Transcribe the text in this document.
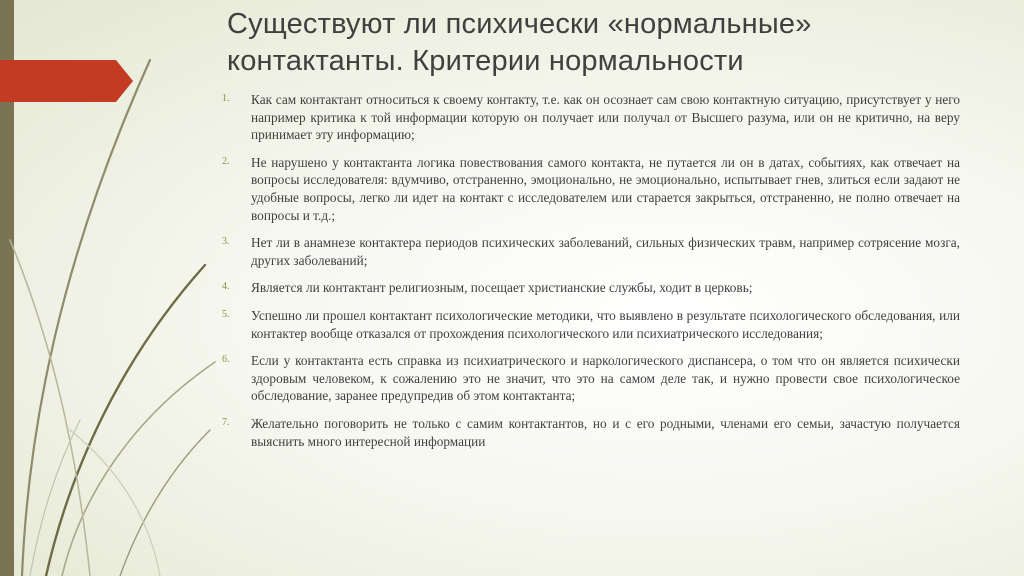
Существуют ли психически «нормальные» контактанты. Критерии нормальности
1. Как сам контактант относиться к своему контакту, т.е. как он осознает сам свою контактную ситуацию, присутствует у него например критика к той информации которую он получает или получал от Высшего разума, или он не критично, на веру принимает эту информацию;
2. Не нарушено у контактанта логика повествования самого контакта, не путается ли он в датах, событиях, как отвечает на вопросы исследователя: вдумчиво, отстраненно, эмоционально, не эмоционально, испытывает гнев, злиться если задают не удобные вопросы, легко ли идет на контакт с исследователем или старается закрыться, отстраненно, не полно отвечает на вопросы и т.д.;
3. Нет ли в анамнезе контактера периодов психических заболеваний, сильных физических травм, например сотрясение мозга, других заболеваний;
4. Является ли контактант религиозным, посещает христианские службы, ходит в церковь;
5. Успешно ли прошел контактант психологические методики, что выявлено в результате психологического обследования, или контактер вообще отказался от прохождения психологического или психиатрического исследования;
6. Если у контактанта есть справка из психиатрического и наркологического диспансера, о том что он является психически здоровым человеком, к сожалению это не значит, что это на самом деле так, и нужно провести свое психологическое обследование, заранее предупредив об этом контактанта;
7. Желательно поговорить не только с самим контактантов, но и с его родными, членами его семьи, зачастую получается выяснить много интересной информации
